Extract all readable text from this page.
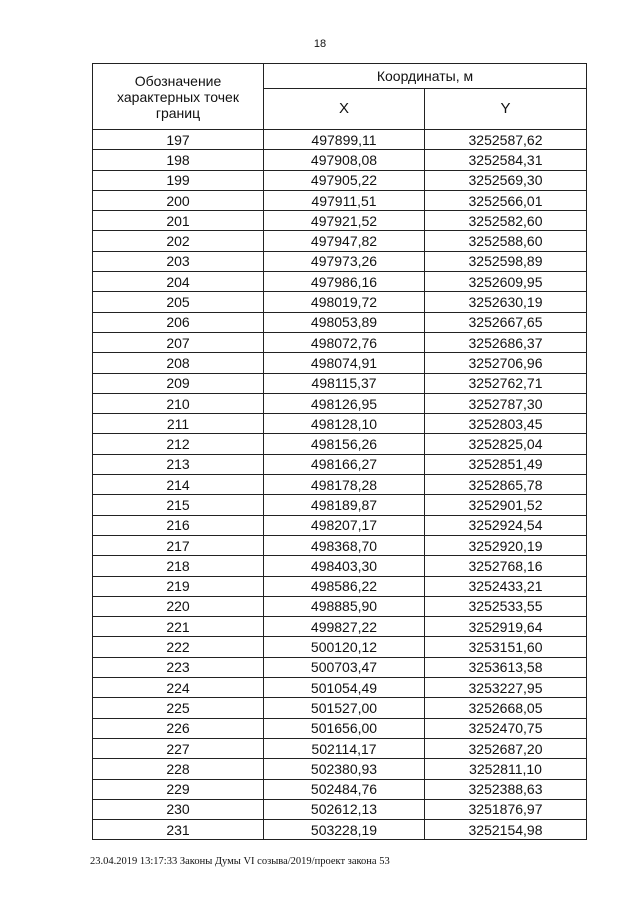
18
Обозначение характерных точек границ	Координаты, м	
	X	Y
197	497899,11	3252587,62
198	497908,08	3252584,31
199	497905,22	3252569,30
200	497911,51	3252566,01
201	497921,52	3252582,60
202	497947,82	3252588,60
203	497973,26	3252598,89
204	497986,16	3252609,95
205	498019,72	3252630,19
206	498053,89	3252667,65
207	498072,76	3252686,37
208	498074,91	3252706,96
209	498115,37	3252762,71
210	498126,95	3252787,30
211	498128,10	3252803,45
212	498156,26	3252825,04
213	498166,27	3252851,49
214	498178,28	3252865,78
215	498189,87	3252901,52
216	498207,17	3252924,54
217	498368,70	3252920,19
218	498403,30	3252768,16
219	498586,22	3252433,21
220	498885,90	3252533,55
221	499827,22	3252919,64
222	500120,12	3253151,60
223	500703,47	3253613,58
224	501054,49	3253227,95
225	501527,00	3252668,05
226	501656,00	3252470,75
227	502114,17	3252687,20
228	502380,93	3252811,10
229	502484,76	3252388,63
230	502612,13	3251876,97
231	503228,19	3252154,98
23.04.2019 13:17:33 Законы Думы VI созыва/2019/проект закона 53
